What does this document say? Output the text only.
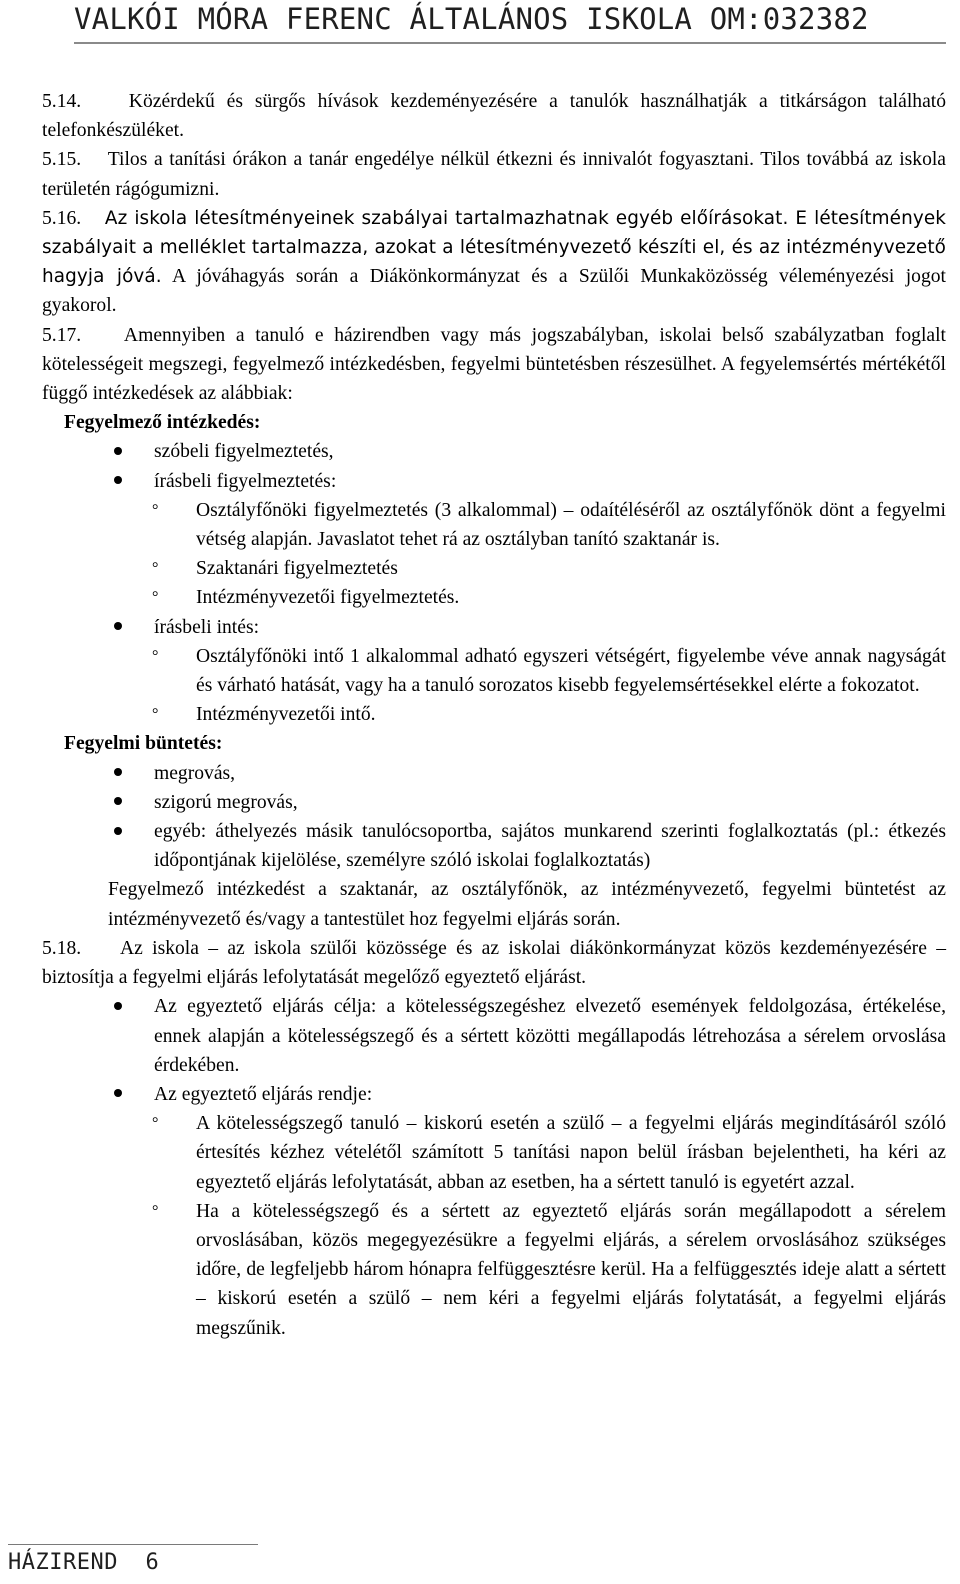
VALKÓI MÓRA FERENC ÁLTALÁNOS ISKOLA OM:032382

5.14. Közérdekű és sürgős hívások kezdeményezésére a tanulók használhatják a titkárságon található telefonkészüléket.

5.15. Tilos a tanítási órákon a tanár engedélye nélkül étkezni és innivalót fogyasztani. Tilos továbbá az iskola területén rágógumizni.

5.16. Az iskola létesítményeinek szabályai tartalmazhatnak egyéb előírásokat. E létesítmények szabályait a melléklet tartalmazza, azokat a létesítményvezető készíti el, és az intézményvezető hagyja jóvá. A jóváhagyás során a Diákönkormányzat és a Szülői Munkaközösség véleményezési jogot gyakorol.

5.17. Amennyiben a tanuló e házirendben vagy más jogszabályban, iskolai belső szabályzatban foglalt kötelességeit megszegi, fegyelmező intézkedésben, fegyelmi büntetésben részesülhet. A fegyelemsértés mértékétől függő intézkedések az alábbiak:

Fegyelmező intézkedés:

szóbeli figyelmeztetés,
írásbeli figyelmeztetés:
°	Osztályfőnöki figyelmeztetés (3 alkalommal) – odaítéléséről az osztályfőnök dönt a fegyelmi vétség alapján. Javaslatot tehet rá az osztályban tanító szaktanár is.
°	Szaktanári figyelmeztetés
°	Intézményvezetői figyelmeztetés.
írásbeli intés:
°	Osztályfőnöki intő 1 alkalommal adható egyszeri vétségért, figyelembe véve annak nagyságát és várható hatását, vagy ha a tanuló sorozatos kisebb fegyelemsértésekkel elérte a fokozatot.
°	Intézményvezetői intő.

Fegyelmi büntetés:

megrovás,
szigorú megrovás,
egyéb: áthelyezés másik tanulócsoportba, sajátos munkarend szerinti foglalkoztatás (pl.: étkezés időpontjának kijelölése, személyre szóló iskolai foglalkoztatás)

Fegyelmező intézkedést a szaktanár, az osztályfőnök, az intézményvezető, fegyelmi büntetést az intézményvezető és/vagy a tantestület hoz fegyelmi eljárás során.

5.18.	Az iskola – az iskola szülői közössége és az iskolai diákönkormányzat közös kezdeményezésére – biztosítja a fegyelmi eljárás lefolytatását megelőző egyeztető eljárást.

Az egyeztető eljárás célja: a kötelességszegéshez elvezető események feldolgozása, értékelése, ennek alapján a kötelességszegő és a sértett közötti megállapodás létrehozása a sérelem orvoslása érdekében.
Az egyeztető eljárás rendje:
°	A kötelességszegő tanuló – kiskorú esetén a szülő – a fegyelmi eljárás megindításáról szóló értesítés kézhez vételétől számított 5 tanítási napon belül írásban bejelentheti, ha kéri az egyeztető eljárás lefolytatását, abban az esetben, ha a sértett tanuló is egyetért azzal.
°	Ha a kötelességszegő és a sértett az egyeztető eljárás során megállapodott a sérelem orvoslásában, közös megegyezésükre a fegyelmi eljárás, a sérelem orvoslásához szükséges időre, de legfeljebb három hónapra felfüggesztésre kerül. Ha a felfüggesztés ideje alatt a sértett – kiskorú esetén a szülő – nem kéri a fegyelmi eljárás folytatását, a fegyelmi eljárás megszűnik.
HÁZIREND 6
